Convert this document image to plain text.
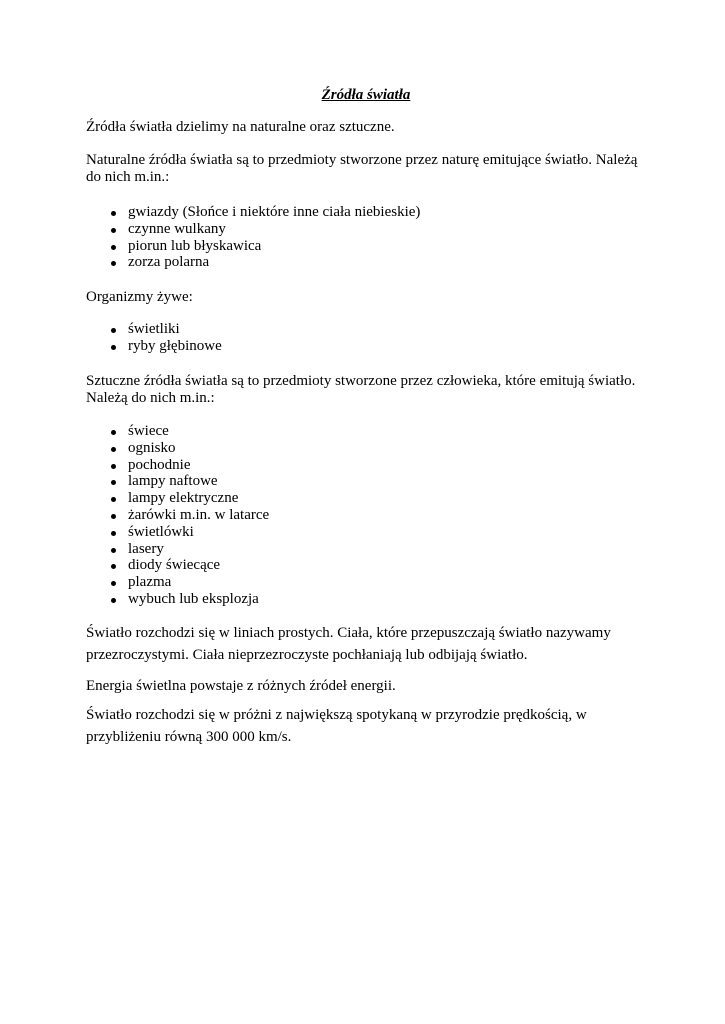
Źródła światła

Źródła światła dzielimy na naturalne oraz sztuczne.

Naturalne źródła światła są to przedmioty stworzone przez naturę emitujące światło. Należą
do nich m.in.:

gwiazdy (Słońce i niektóre inne ciała niebieskie)
czynne wulkany
piorun lub błyskawica
zorza polarna

Organizmy żywe:

świetliki
ryby głębinowe

Sztuczne źródła światła są to przedmioty stworzone przez człowieka, które emitują światło.
Należą do nich m.in.:

świece
ognisko
pochodnie
lampy naftowe
lampy elektryczne
żarówki m.in. w latarce
świetlówki
lasery
diody świecące
plazma
wybuch lub eksplozja

Światło rozchodzi się w liniach prostych. Ciała, które przepuszczają światło nazywamy
przezroczystymi. Ciała nieprzezroczyste pochłaniają lub odbijają światło.

Energia świetlna powstaje z różnych źródeł energii.

Światło rozchodzi się w próżni z największą spotykaną w przyrodzie prędkością, w
przybliżeniu równą 300 000 km/s.
